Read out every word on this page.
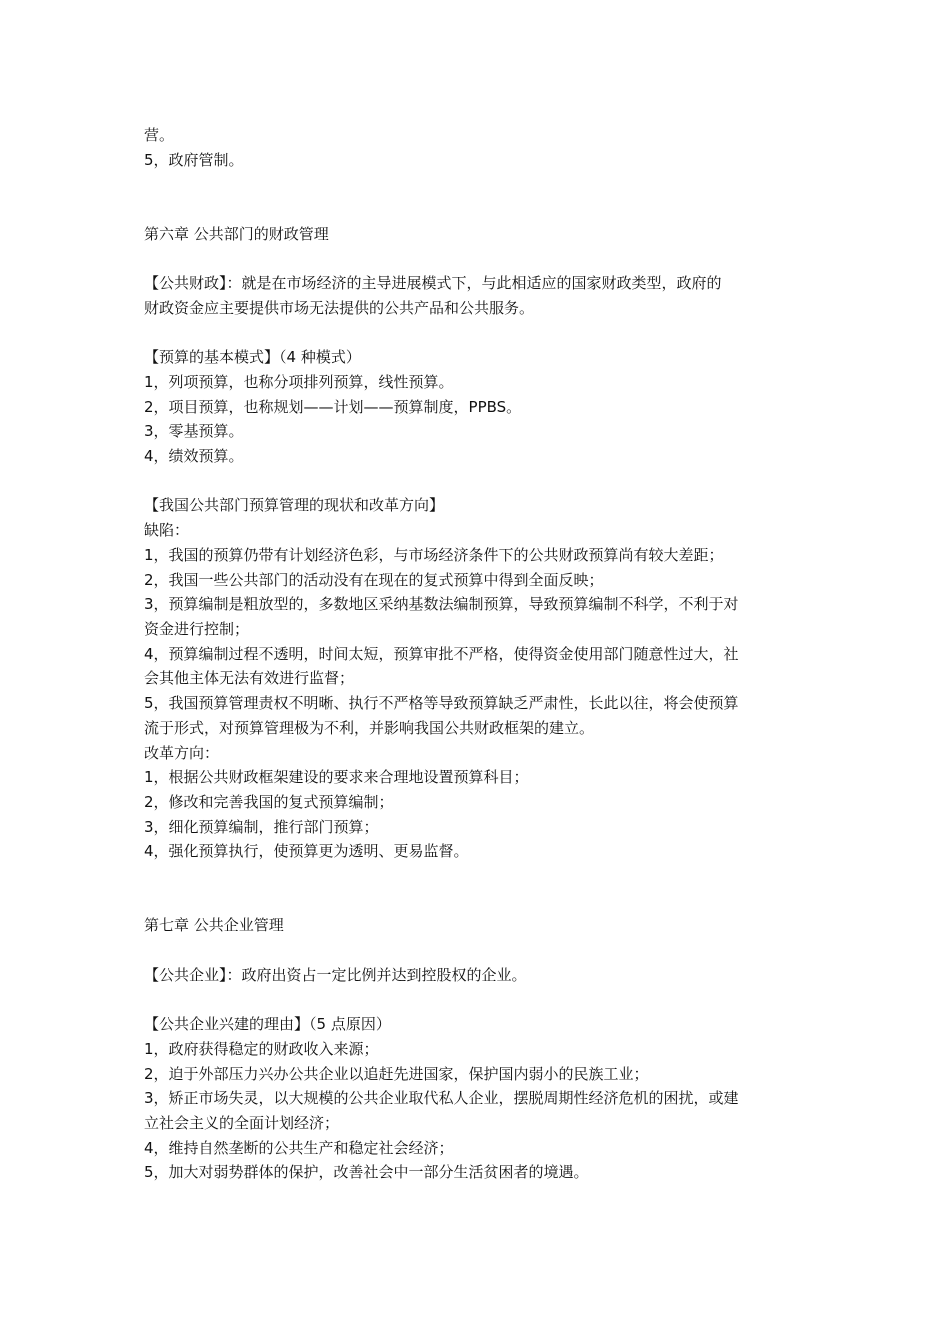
营。
5，政府管制。
第六章 公共部门的财政管理
【公共财政】：就是在市场经济的主导进展模式下，与此相适应的国家财政类型，政府的
财政资金应主要提供市场无法提供的公共产品和公共服务。
【预算的基本模式】（4 种模式）
1，列项预算，也称分项排列预算，线性预算。
2，项目预算，也称规划——计划——预算制度，PPBS。
3，零基预算。
4，绩效预算。
【我国公共部门预算管理的现状和改革方向】
缺陷：
1，我国的预算仍带有计划经济色彩，与市场经济条件下的公共财政预算尚有较大差距；
2，我国一些公共部门的活动没有在现在的复式预算中得到全面反映；
3，预算编制是粗放型的，多数地区采纳基数法编制预算，导致预算编制不科学，不利于对
资金进行控制；
4，预算编制过程不透明，时间太短，预算审批不严格，使得资金使用部门随意性过大，社
会其他主体无法有效进行监督；
5，我国预算管理责权不明晰、执行不严格等导致预算缺乏严肃性，长此以往，将会使预算
流于形式，对预算管理极为不利，并影响我国公共财政框架的建立。
改革方向：
1，根据公共财政框架建设的要求来合理地设置预算科目；
2，修改和完善我国的复式预算编制；
3，细化预算编制，推行部门预算；
4，强化预算执行，使预算更为透明、更易监督。
第七章 公共企业管理
【公共企业】：政府出资占一定比例并达到控股权的企业。
【公共企业兴建的理由】（5 点原因）
1，政府获得稳定的财政收入来源；
2，迫于外部压力兴办公共企业以追赶先进国家，保护国内弱小的民族工业；
3，矫正市场失灵，以大规模的公共企业取代私人企业，摆脱周期性经济危机的困扰，或建
立社会主义的全面计划经济；
4，维持自然垄断的公共生产和稳定社会经济；
5，加大对弱势群体的保护，改善社会中一部分生活贫困者的境遇。
